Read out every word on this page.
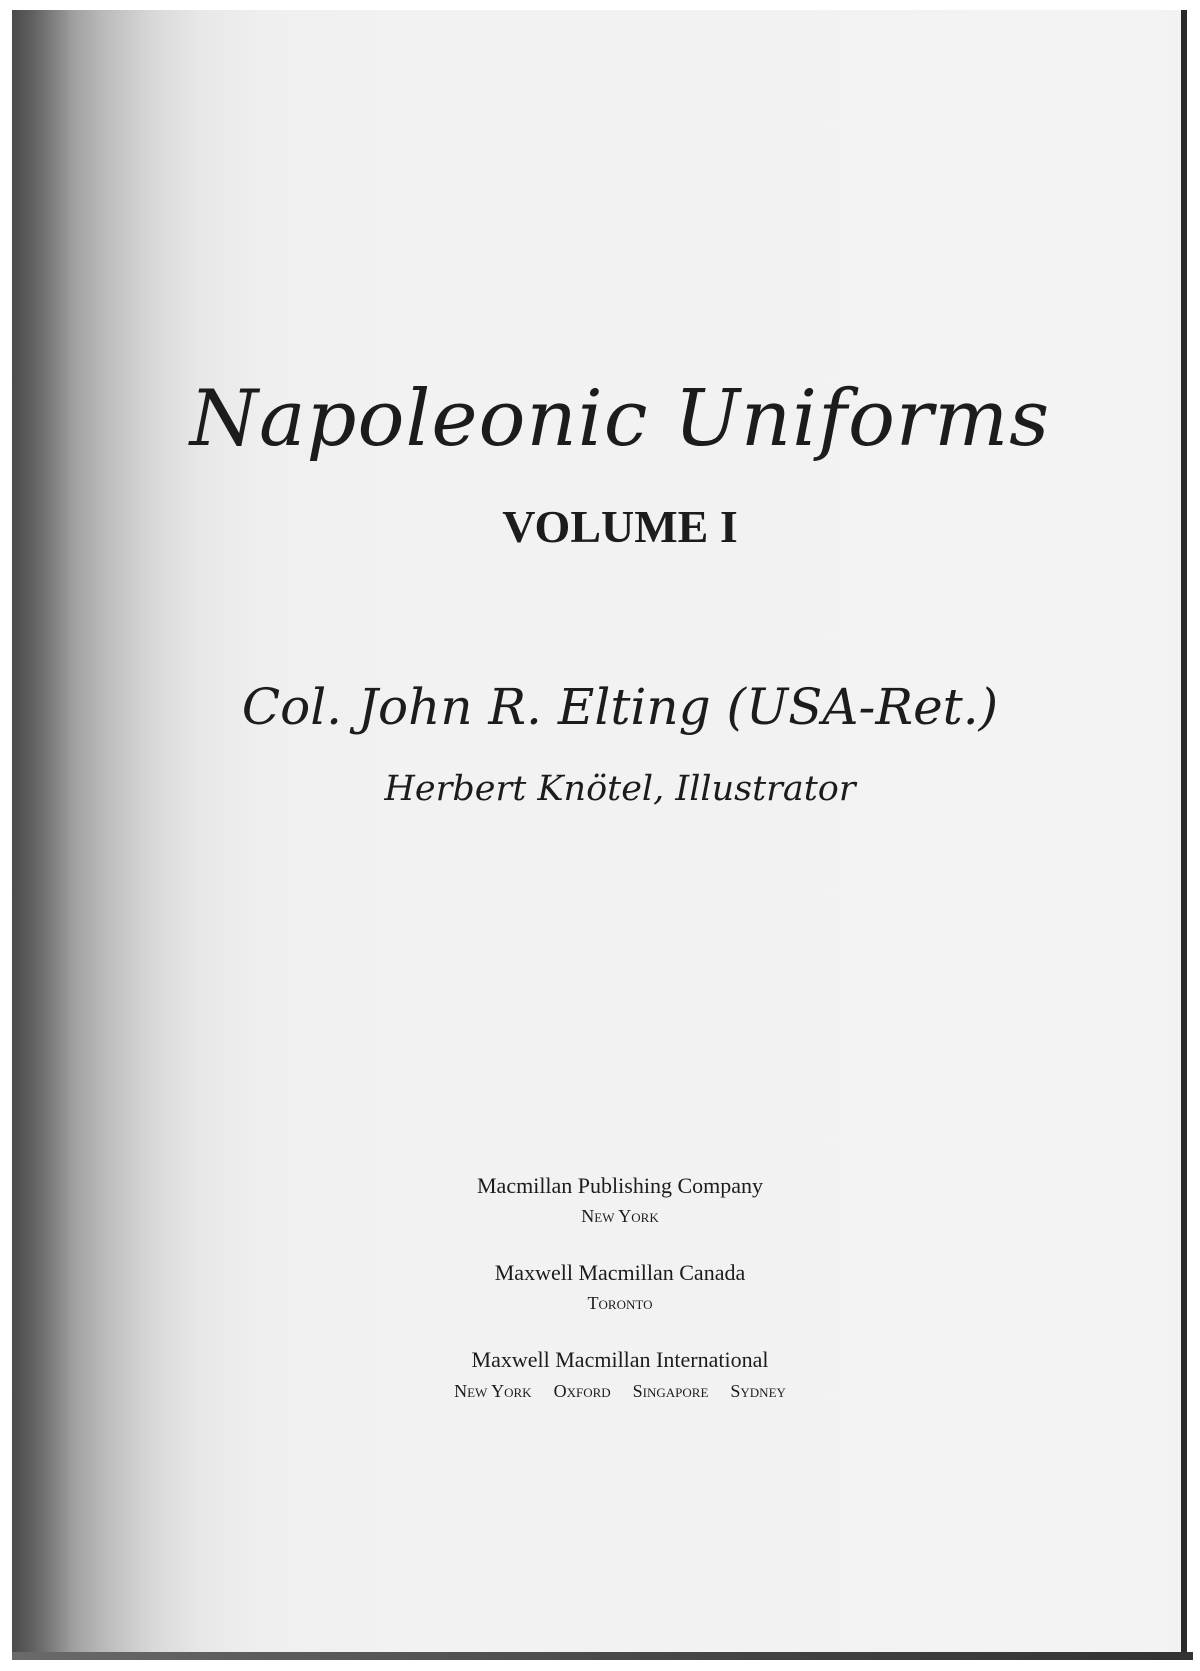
Napoleonic Uniforms
VOLUME I
Col. John R. Elting (USA-Ret.)
Herbert Knötel, Illustrator
Macmillan Publishing Company
New York
Maxwell Macmillan Canada
Toronto
Maxwell Macmillan International
New York Oxford Singapore Sydney
